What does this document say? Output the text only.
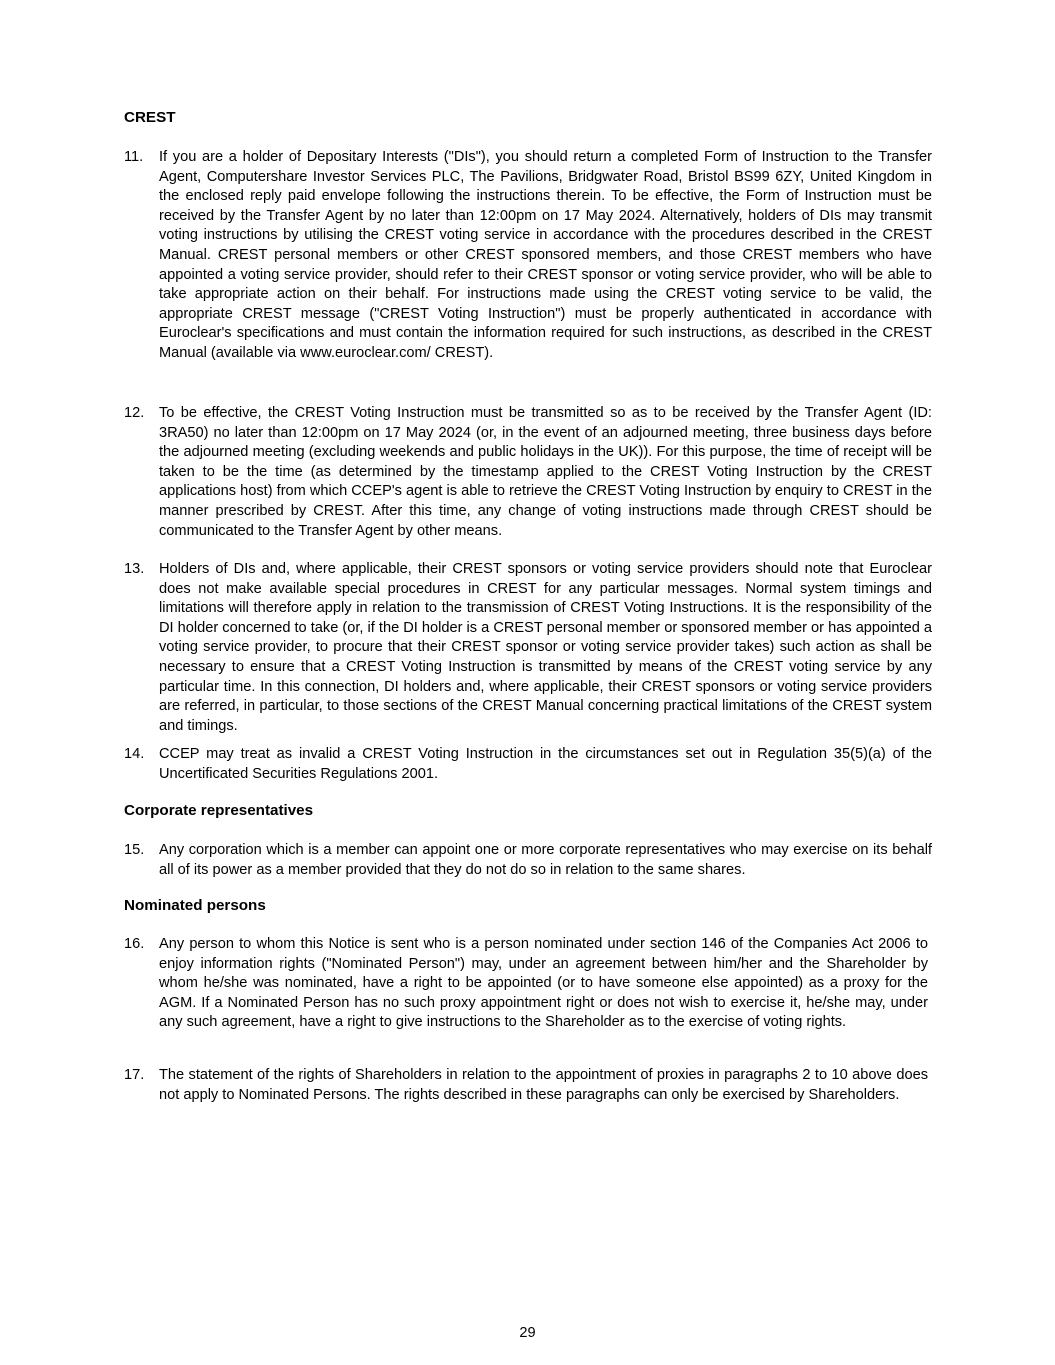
CREST
11. If you are a holder of Depositary Interests ("DIs"), you should return a completed Form of Instruction to the Transfer Agent, Computershare Investor Services PLC, The Pavilions, Bridgwater Road, Bristol BS99 6ZY, United Kingdom in the enclosed reply paid envelope following the instructions therein. To be effective, the Form of Instruction must be received by the Transfer Agent by no later than 12:00pm on 17 May 2024. Alternatively, holders of DIs may transmit voting instructions by utilising the CREST voting service in accordance with the procedures described in the CREST Manual. CREST personal members or other CREST sponsored members, and those CREST members who have appointed a voting service provider, should refer to their CREST sponsor or voting service provider, who will be able to take appropriate action on their behalf. For instructions made using the CREST voting service to be valid, the appropriate CREST message ("CREST Voting Instruction") must be properly authenticated in accordance with Euroclear's specifications and must contain the information required for such instructions, as described in the CREST Manual (available via www.euroclear.com/ CREST).
12. To be effective, the CREST Voting Instruction must be transmitted so as to be received by the Transfer Agent (ID: 3RA50) no later than 12:00pm on 17 May 2024 (or, in the event of an adjourned meeting, three business days before the adjourned meeting (excluding weekends and public holidays in the UK)). For this purpose, the time of receipt will be taken to be the time (as determined by the timestamp applied to the CREST Voting Instruction by the CREST applications host) from which CCEP's agent is able to retrieve the CREST Voting Instruction by enquiry to CREST in the manner prescribed by CREST. After this time, any change of voting instructions made through CREST should be communicated to the Transfer Agent by other means.
13. Holders of DIs and, where applicable, their CREST sponsors or voting service providers should note that Euroclear does not make available special procedures in CREST for any particular messages. Normal system timings and limitations will therefore apply in relation to the transmission of CREST Voting Instructions. It is the responsibility of the DI holder concerned to take (or, if the DI holder is a CREST personal member or sponsored member or has appointed a voting service provider, to procure that their CREST sponsor or voting service provider takes) such action as shall be necessary to ensure that a CREST Voting Instruction is transmitted by means of the CREST voting service by any particular time. In this connection, DI holders and, where applicable, their CREST sponsors or voting service providers are referred, in particular, to those sections of the CREST Manual concerning practical limitations of the CREST system and timings.
14. CCEP may treat as invalid a CREST Voting Instruction in the circumstances set out in Regulation 35(5)(a) of the Uncertificated Securities Regulations 2001.
Corporate representatives
15. Any corporation which is a member can appoint one or more corporate representatives who may exercise on its behalf all of its power as a member provided that they do not do so in relation to the same shares.
Nominated persons
16. Any person to whom this Notice is sent who is a person nominated under section 146 of the Companies Act 2006 to enjoy information rights ("Nominated Person") may, under an agreement between him/her and the Shareholder by whom he/she was nominated, have a right to be appointed (or to have someone else appointed) as a proxy for the AGM. If a Nominated Person has no such proxy appointment right or does not wish to exercise it, he/she may, under any such agreement, have a right to give instructions to the Shareholder as to the exercise of voting rights.
17. The statement of the rights of Shareholders in relation to the appointment of proxies in paragraphs 2 to 10 above does not apply to Nominated Persons. The rights described in these paragraphs can only be exercised by Shareholders.
29
